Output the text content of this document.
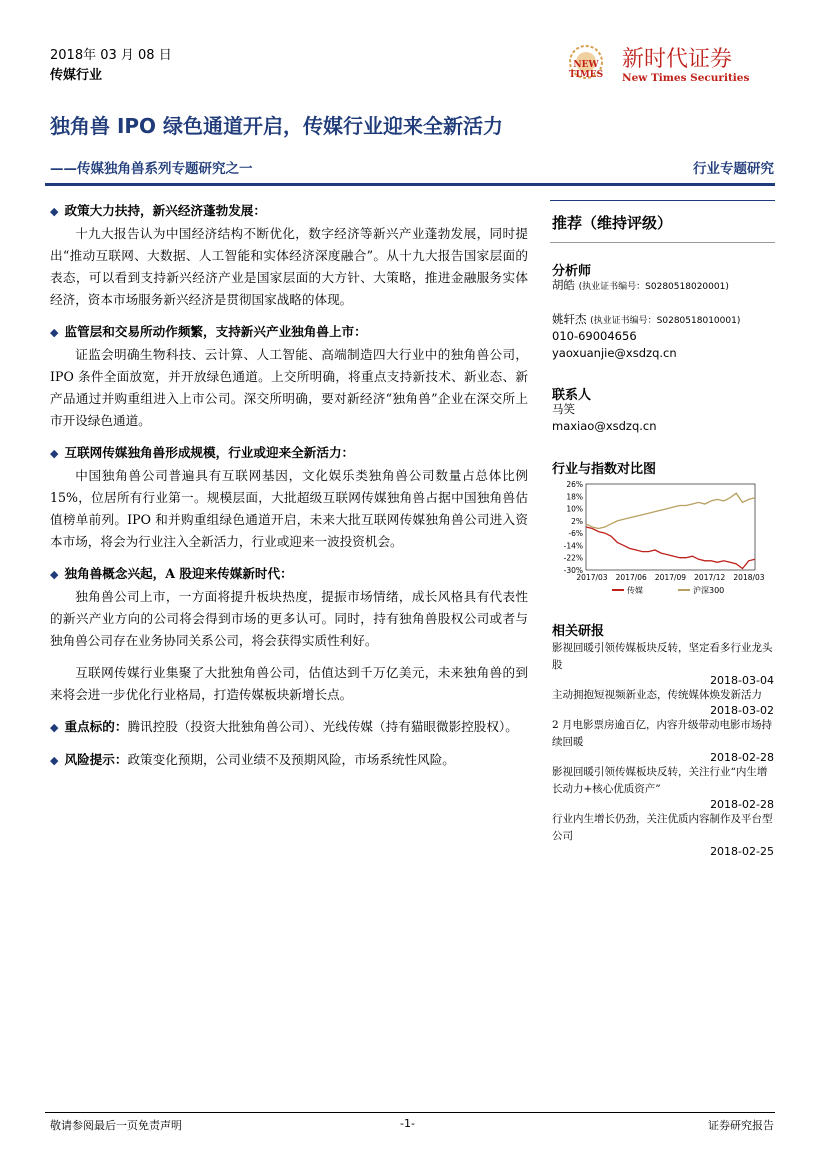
2018年 03 月 08 日
传媒行业
NEW TIMES
新时代证券
New Times Securities
独角兽 IPO 绿色通道开启，传媒行业迎来全新活力
——传媒独角兽系列专题研究之一	行业专题研究
◆ 政策大力扶持，新兴经济蓬勃发展：
十九大报告认为中国经济结构不断优化，数字经济等新兴产业蓬勃发展，同时提出“推动互联网、大数据、人工智能和实体经济深度融合”。从十九大报告国家层面的表态，可以看到支持新兴经济产业是国家层面的大方针、大策略，推进金融服务实体经济，资本市场服务新兴经济是贯彻国家战略的体现。
◆ 监管层和交易所动作频繁，支持新兴产业独角兽上市：
证监会明确生物科技、云计算、人工智能、高端制造四大行业中的独角兽公司，IPO 条件全面放宽，并开放绿色通道。上交所明确，将重点支持新技术、新业态、新产品通过并购重组进入上市公司。深交所明确，要对新经济“独角兽”企业在深交所上市开设绿色通道。
◆ 互联网传媒独角兽形成规模，行业或迎来全新活力：
中国独角兽公司普遍具有互联网基因，文化娱乐类独角兽公司数量占总体比例 15%，位居所有行业第一。规模层面，大批超级互联网传媒独角兽占据中国独角兽估值榜单前列。IPO 和并购重组绿色通道开启，未来大批互联网传媒独角兽公司进入资本市场，将会为行业注入全新活力，行业或迎来一波投资机会。
◆ 独角兽概念兴起，A 股迎来传媒新时代：
独角兽公司上市，一方面将提升板块热度，提振市场情绪，成长风格具有代表性的新兴产业方向的公司将会得到市场的更多认可。同时，持有独角兽股权公司或者与独角兽公司存在业务协同关系公司，将会获得实质性利好。
互联网传媒行业集聚了大批独角兽公司，估值达到千万亿美元，未来独角兽的到来将会进一步优化行业格局，打造传媒板块新增长点。
◆ 重点标的：腾讯控股（投资大批独角兽公司）、光线传媒（持有猫眼微影控股权）。
◆ 风险提示：政策变化预期，公司业绩不及预期风险，市场系统性风险。
推荐（维持评级）
分析师
胡皓 (执业证书编号：S0280518020001)
姚轩杰 (执业证书编号：S0280518010001)
010-69004656
yaoxuanjie@xsdzq.cn
联系人
马笑
maxiao@xsdzq.cn
行业与指数对比图
26%
18%
10%
2%
-6%
-14%
-22%
-30%
2017/03 2017/06 2017/09 2017/12 2018/03
传媒	沪深300
相关研报
影视回暖引领传媒板块反转，坚定看多行业龙头股
2018-03-04
主动拥抱短视频新业态，传统媒体焕发新活力
2018-03-02
2 月电影票房逾百亿，内容升级带动电影市场持续回暖
2018-02-28
影视回暖引领传媒板块反转，关注行业“内生增长动力+核心优质资产”
2018-02-28
行业内生增长仍劲，关注优质内容制作及平台型公司
2018-02-25
敬请参阅最后一页免责声明	-1-	证券研究报告
